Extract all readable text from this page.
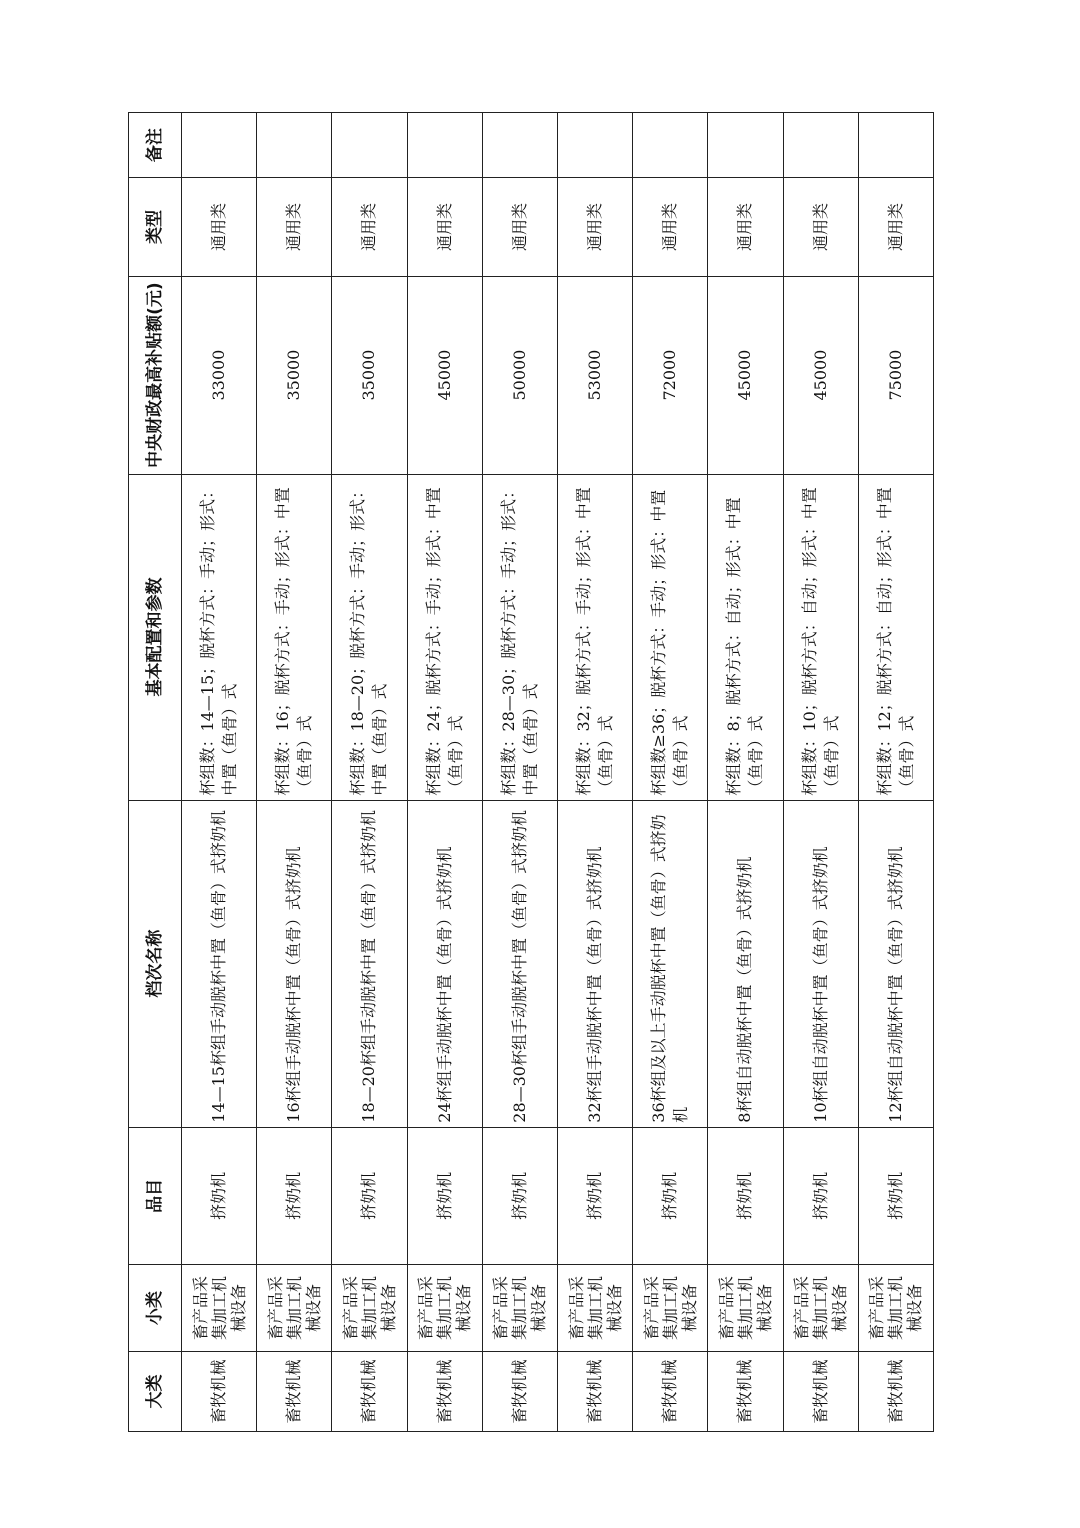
大类	小类	品目	档次名称	基本配置和参数	中央财政最高补贴额(元)	类型	备注
畜牧机械	畜产品采集加工机械设备	挤奶机	14—15杯组手动脱杯中置（鱼骨）式挤奶机	杯组数：14—15；脱杯方式：手动；形式：中置（鱼骨）式	33000	通用类	
畜牧机械	畜产品采集加工机械设备	挤奶机	16杯组手动脱杯中置（鱼骨）式挤奶机	杯组数：16；脱杯方式：手动；形式：中置（鱼骨）式	35000	通用类	
畜牧机械	畜产品采集加工机械设备	挤奶机	18—20杯组手动脱杯中置（鱼骨）式挤奶机	杯组数：18—20；脱杯方式：手动；形式：中置（鱼骨）式	35000	通用类	
畜牧机械	畜产品采集加工机械设备	挤奶机	24杯组手动脱杯中置（鱼骨）式挤奶机	杯组数：24；脱杯方式：手动；形式：中置（鱼骨）式	45000	通用类	
畜牧机械	畜产品采集加工机械设备	挤奶机	28—30杯组手动脱杯中置（鱼骨）式挤奶机	杯组数：28—30；脱杯方式：手动；形式：中置（鱼骨）式	50000	通用类	
畜牧机械	畜产品采集加工机械设备	挤奶机	32杯组手动脱杯中置（鱼骨）式挤奶机	杯组数：32；脱杯方式：手动；形式：中置（鱼骨）式	53000	通用类	
畜牧机械	畜产品采集加工机械设备	挤奶机	36杯组及以上手动脱杯中置（鱼骨）式挤奶机	杯组数≥36；脱杯方式：手动；形式：中置（鱼骨）式	72000	通用类	
畜牧机械	畜产品采集加工机械设备	挤奶机	8杯组自动脱杯中置（鱼骨）式挤奶机	杯组数：8；脱杯方式：自动；形式：中置（鱼骨）式	45000	通用类	
畜牧机械	畜产品采集加工机械设备	挤奶机	10杯组自动脱杯中置（鱼骨）式挤奶机	杯组数：10；脱杯方式：自动；形式：中置（鱼骨）式	45000	通用类	
畜牧机械	畜产品采集加工机械设备	挤奶机	12杯组自动脱杯中置（鱼骨）式挤奶机	杯组数：12；脱杯方式：自动；形式：中置（鱼骨）式	75000	通用类	
